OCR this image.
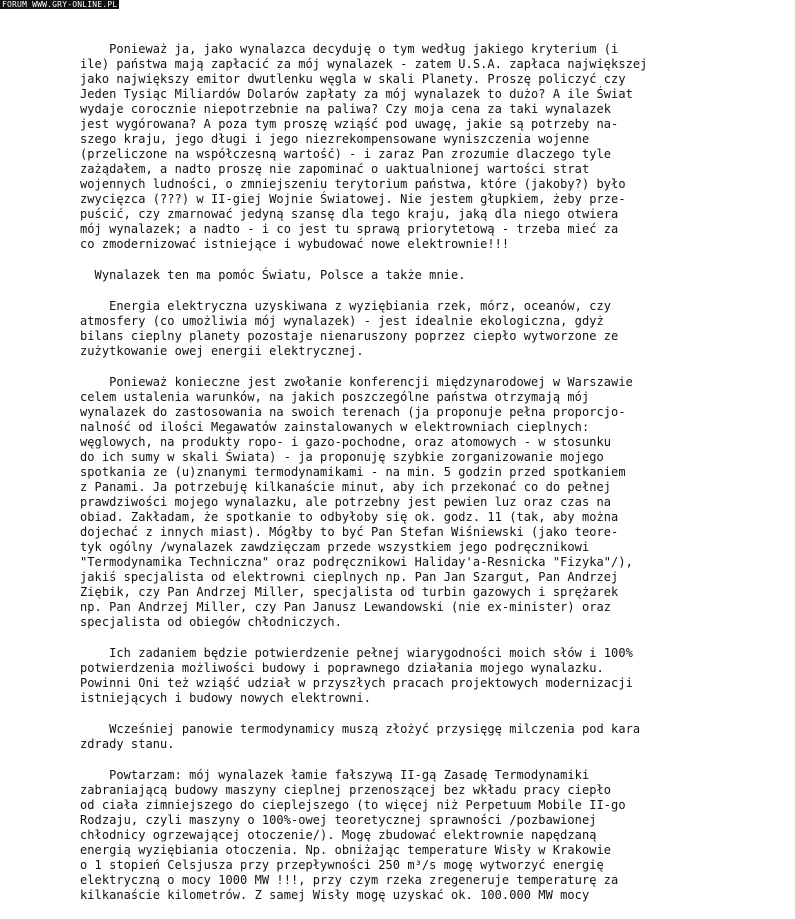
FORUM WWW.GRY-ONLINE.PL
Ponieważ ja, jako wynalazca decyduję o tym według jakiego kryterium (i
ile) państwa mają zapłacić za mój wynalazek - zatem U.S.A. zapłaca największej
jako największy emitor dwutlenku węgla w skali Planety. Proszę policzyć czy
Jeden Tysiąc Miliardów Dolarów zapłaty za mój wynalazek to dużo? A ile Świat
wydaje corocznie niepotrzebnie na paliwa? Czy moja cena za taki wynalazek
jest wygórowana? A poza tym proszę wziąść pod uwagę, jakie są potrzeby na-
szego kraju, jego długi i jego niezrekompensowane wyniszczenia wojenne
(przeliczone na współczesną wartość) - i zaraz Pan zrozumie dlaczego tyle
zażądałem, a nadto proszę nie zapominać o uaktualnionej wartości strat
wojennych ludności, o zmniejszeniu terytorium państwa, które (jakoby?) było
zwycięzca (???) w II-giej Wojnie Światowej. Nie jestem głupkiem, żeby prze-
puścić, czy zmarnować jedyną szansę dla tego kraju, jaką dla niego otwiera
mój wynalazek; a nadto - i co jest tu sprawą priorytetową - trzeba mieć za
co zmodernizować istniejące i wybudować nowe elektrownie!!!
Wynalazek ten ma pomóc Światu, Polsce a także mnie.
Energia elektryczna uzyskiwana z wyziębiania rzek, mórz, oceanów, czy
atmosfery (co umożliwia mój wynalazek) - jest idealnie ekologiczna, gdyż
bilans cieplny planety pozostaje nienaruszony poprzez ciepło wytworzone ze
zużytkowanie owej energii elektrycznej.
Ponieważ konieczne jest zwołanie konferencji międzynarodowej w Warszawie
celem ustalenia warunków, na jakich poszczególne państwa otrzymają mój
wynalazek do zastosowania na swoich terenach (ja proponuje pełna proporcjo-
nalność od ilości Megawatów zainstalowanych w elektrowniach cieplnych:
węglowych, na produkty ropo- i gazo-pochodne, oraz atomowych - w stosunku
do ich sumy w skali Świata) - ja proponuję szybkie zorganizowanie mojego
spotkania ze (u)znanymi termodynamikami - na min. 5 godzin przed spotkaniem
z Panami. Ja potrzebuję kilkanaście minut, aby ich przekonać co do pełnej
prawdziwości mojego wynalazku, ale potrzebny jest pewien luz oraz czas na
obiad. Zakładam, że spotkanie to odbyłoby się ok. godz. 11 (tak, aby można
dojechać z innych miast). Mógłby to być Pan Stefan Wiśniewski (jako teore-
tyk ogólny /wynalazek zawdzięczam przede wszystkiem jego podręcznikowi
"Termodynamika Techniczna" oraz podręcznikowi Haliday'a-Resnicka "Fizyka"/),
jakiś specjalista od elektrowni cieplnych np. Pan Jan Szargut, Pan Andrzej
Ziębik, czy Pan Andrzej Miller, specjalista od turbin gazowych i sprężarek
np. Pan Andrzej Miller, czy Pan Janusz Lewandowski (nie ex-minister) oraz
specjalista od obiegów chłodniczych.
Ich zadaniem będzie potwierdzenie pełnej wiarygodności moich słów i 100%
potwierdzenia możliwości budowy i poprawnego działania mojego wynalazku.
Powinni Oni też wziąść udział w przyszłych pracach projektowych modernizacji
istniejących i budowy nowych elektrowni.
Wcześniej panowie termodynamicy muszą złożyć przysięgę milczenia pod kara
zdrady stanu.
Powtarzam: mój wynalazek łamie fałszywą II-gą Zasadę Termodynamiki
zabraniającą budowy maszyny cieplnej przenoszącej bez wkładu pracy ciepło
od ciała zimniejszego do cieplejszego (to więcej niż Perpetuum Mobile II-go
Rodzaju, czyli maszyny o 100%-owej teoretycznej sprawności /pozbawionej
chłodnicy ogrzewającej otoczenie/). Mogę zbudować elektrownie napędzaną
energią wyziębiania otoczenia. Np. obniżając temperature Wisły w Krakowie
o 1 stopień Celsjusza przy przepływności 250 m³/s mogę wytworzyć energię
elektryczną o mocy 1000 MW !!!, przy czym rzeka zregeneruje temperaturę za
kilkanaście kilometrów. Z samej Wisły mogę uzyskać ok. 100.000 MW mocy
